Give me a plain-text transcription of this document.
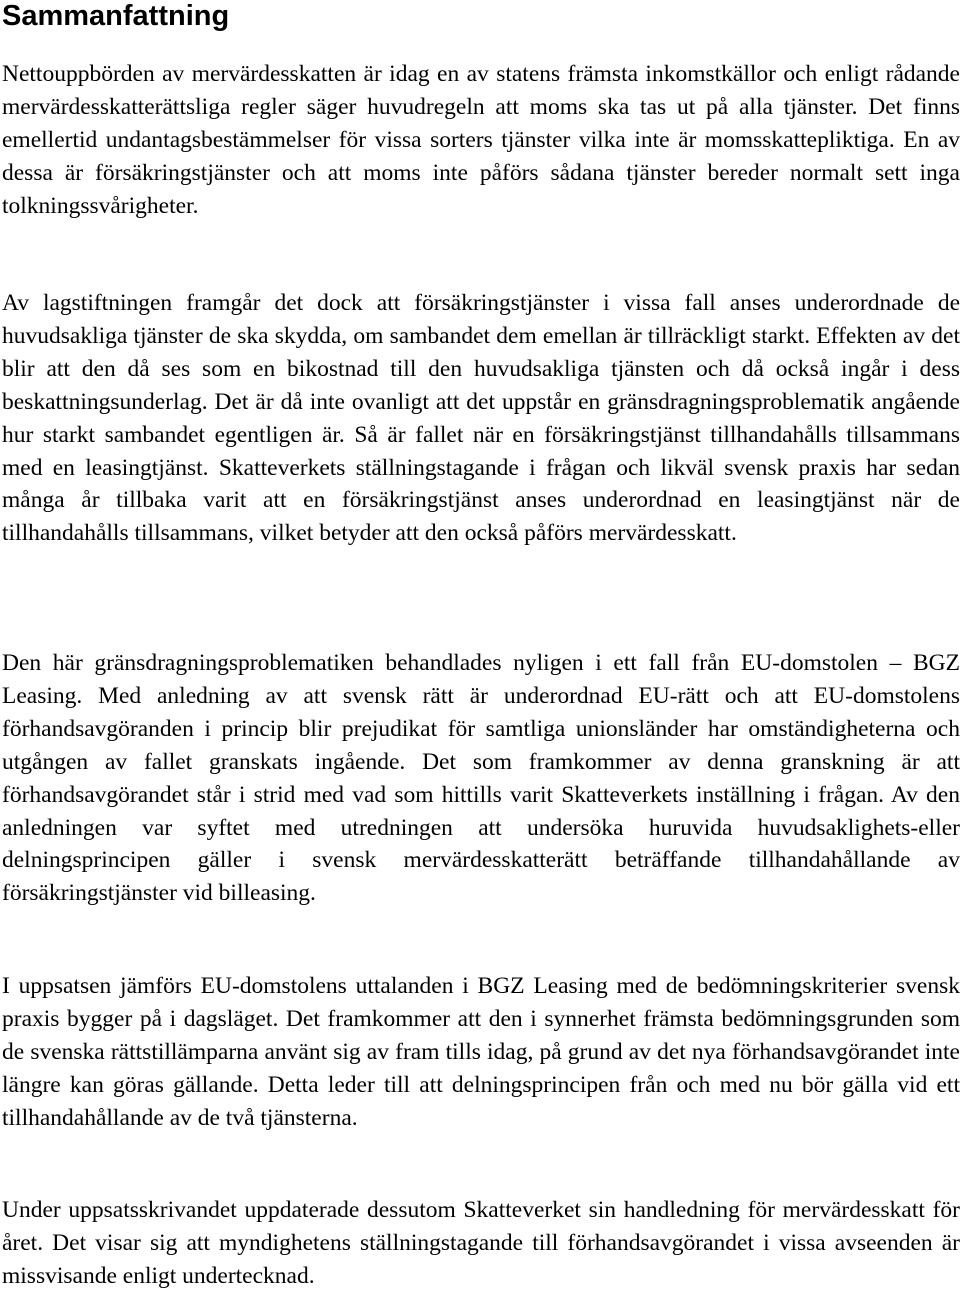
Sammanfattning

Nettouppbörden av mervärdesskatten är idag en av statens främsta inkomstkällor och enligt rådande mervärdesskatterättsliga regler säger huvudregeln att moms ska tas ut på alla tjänster. Det finns emellertid undantagsbestämmelser för vissa sorters tjänster vilka inte är momsskattepliktiga. En av dessa är försäkringstjänster och att moms inte påförs sådana tjänster bereder normalt sett inga tolkningssvårigheter.

Av lagstiftningen framgår det dock att försäkringstjänster i vissa fall anses underordnade de huvudsakliga tjänster de ska skydda, om sambandet dem emellan är tillräckligt starkt. Effekten av det blir att den då ses som en bikostnad till den huvudsakliga tjänsten och då också ingår i dess beskattningsunderlag. Det är då inte ovanligt att det uppstår en gränsdragningsproblematik angående hur starkt sambandet egentligen är. Så är fallet när en försäkringstjänst tillhandahålls tillsammans med en leasingtjänst. Skatteverkets ställningstagande i frågan och likväl svensk praxis har sedan många år tillbaka varit att en försäkringstjänst anses underordnad en leasingtjänst när de tillhandahålls tillsammans, vilket betyder att den också påförs mervärdesskatt.

Den här gränsdragningsproblematiken behandlades nyligen i ett fall från EU-domstolen – BGZ Leasing. Med anledning av att svensk rätt är underordnad EU-rätt och att EU-domstolens förhandsavgöranden i princip blir prejudikat för samtliga unionsländer har omständigheterna och utgången av fallet granskats ingående. Det som framkommer av denna granskning är att förhandsavgörandet står i strid med vad som hittills varit Skatteverkets inställning i frågan. Av den anledningen var syftet med utredningen att undersöka huruvida huvudsaklighets-eller delningsprincipen gäller i svensk mervärdesskatterätt beträffande tillhandahållande av försäkringstjänster vid billeasing.

I uppsatsen jämförs EU-domstolens uttalanden i BGZ Leasing med de bedömningskriterier svensk praxis bygger på i dagsläget. Det framkommer att den i synnerhet främsta bedömningsgrunden som de svenska rättstillämparna använt sig av fram tills idag, på grund av det nya förhandsavgörandet inte längre kan göras gällande. Detta leder till att delningsprincipen från och med nu bör gälla vid ett tillhandahållande av de två tjänsterna.

Under uppsatsskrivandet uppdaterade dessutom Skatteverket sin handledning för mervärdesskatt för året. Det visar sig att myndighetens ställningstagande till förhandsavgörandet i vissa avseenden är missvisande enligt undertecknad.
